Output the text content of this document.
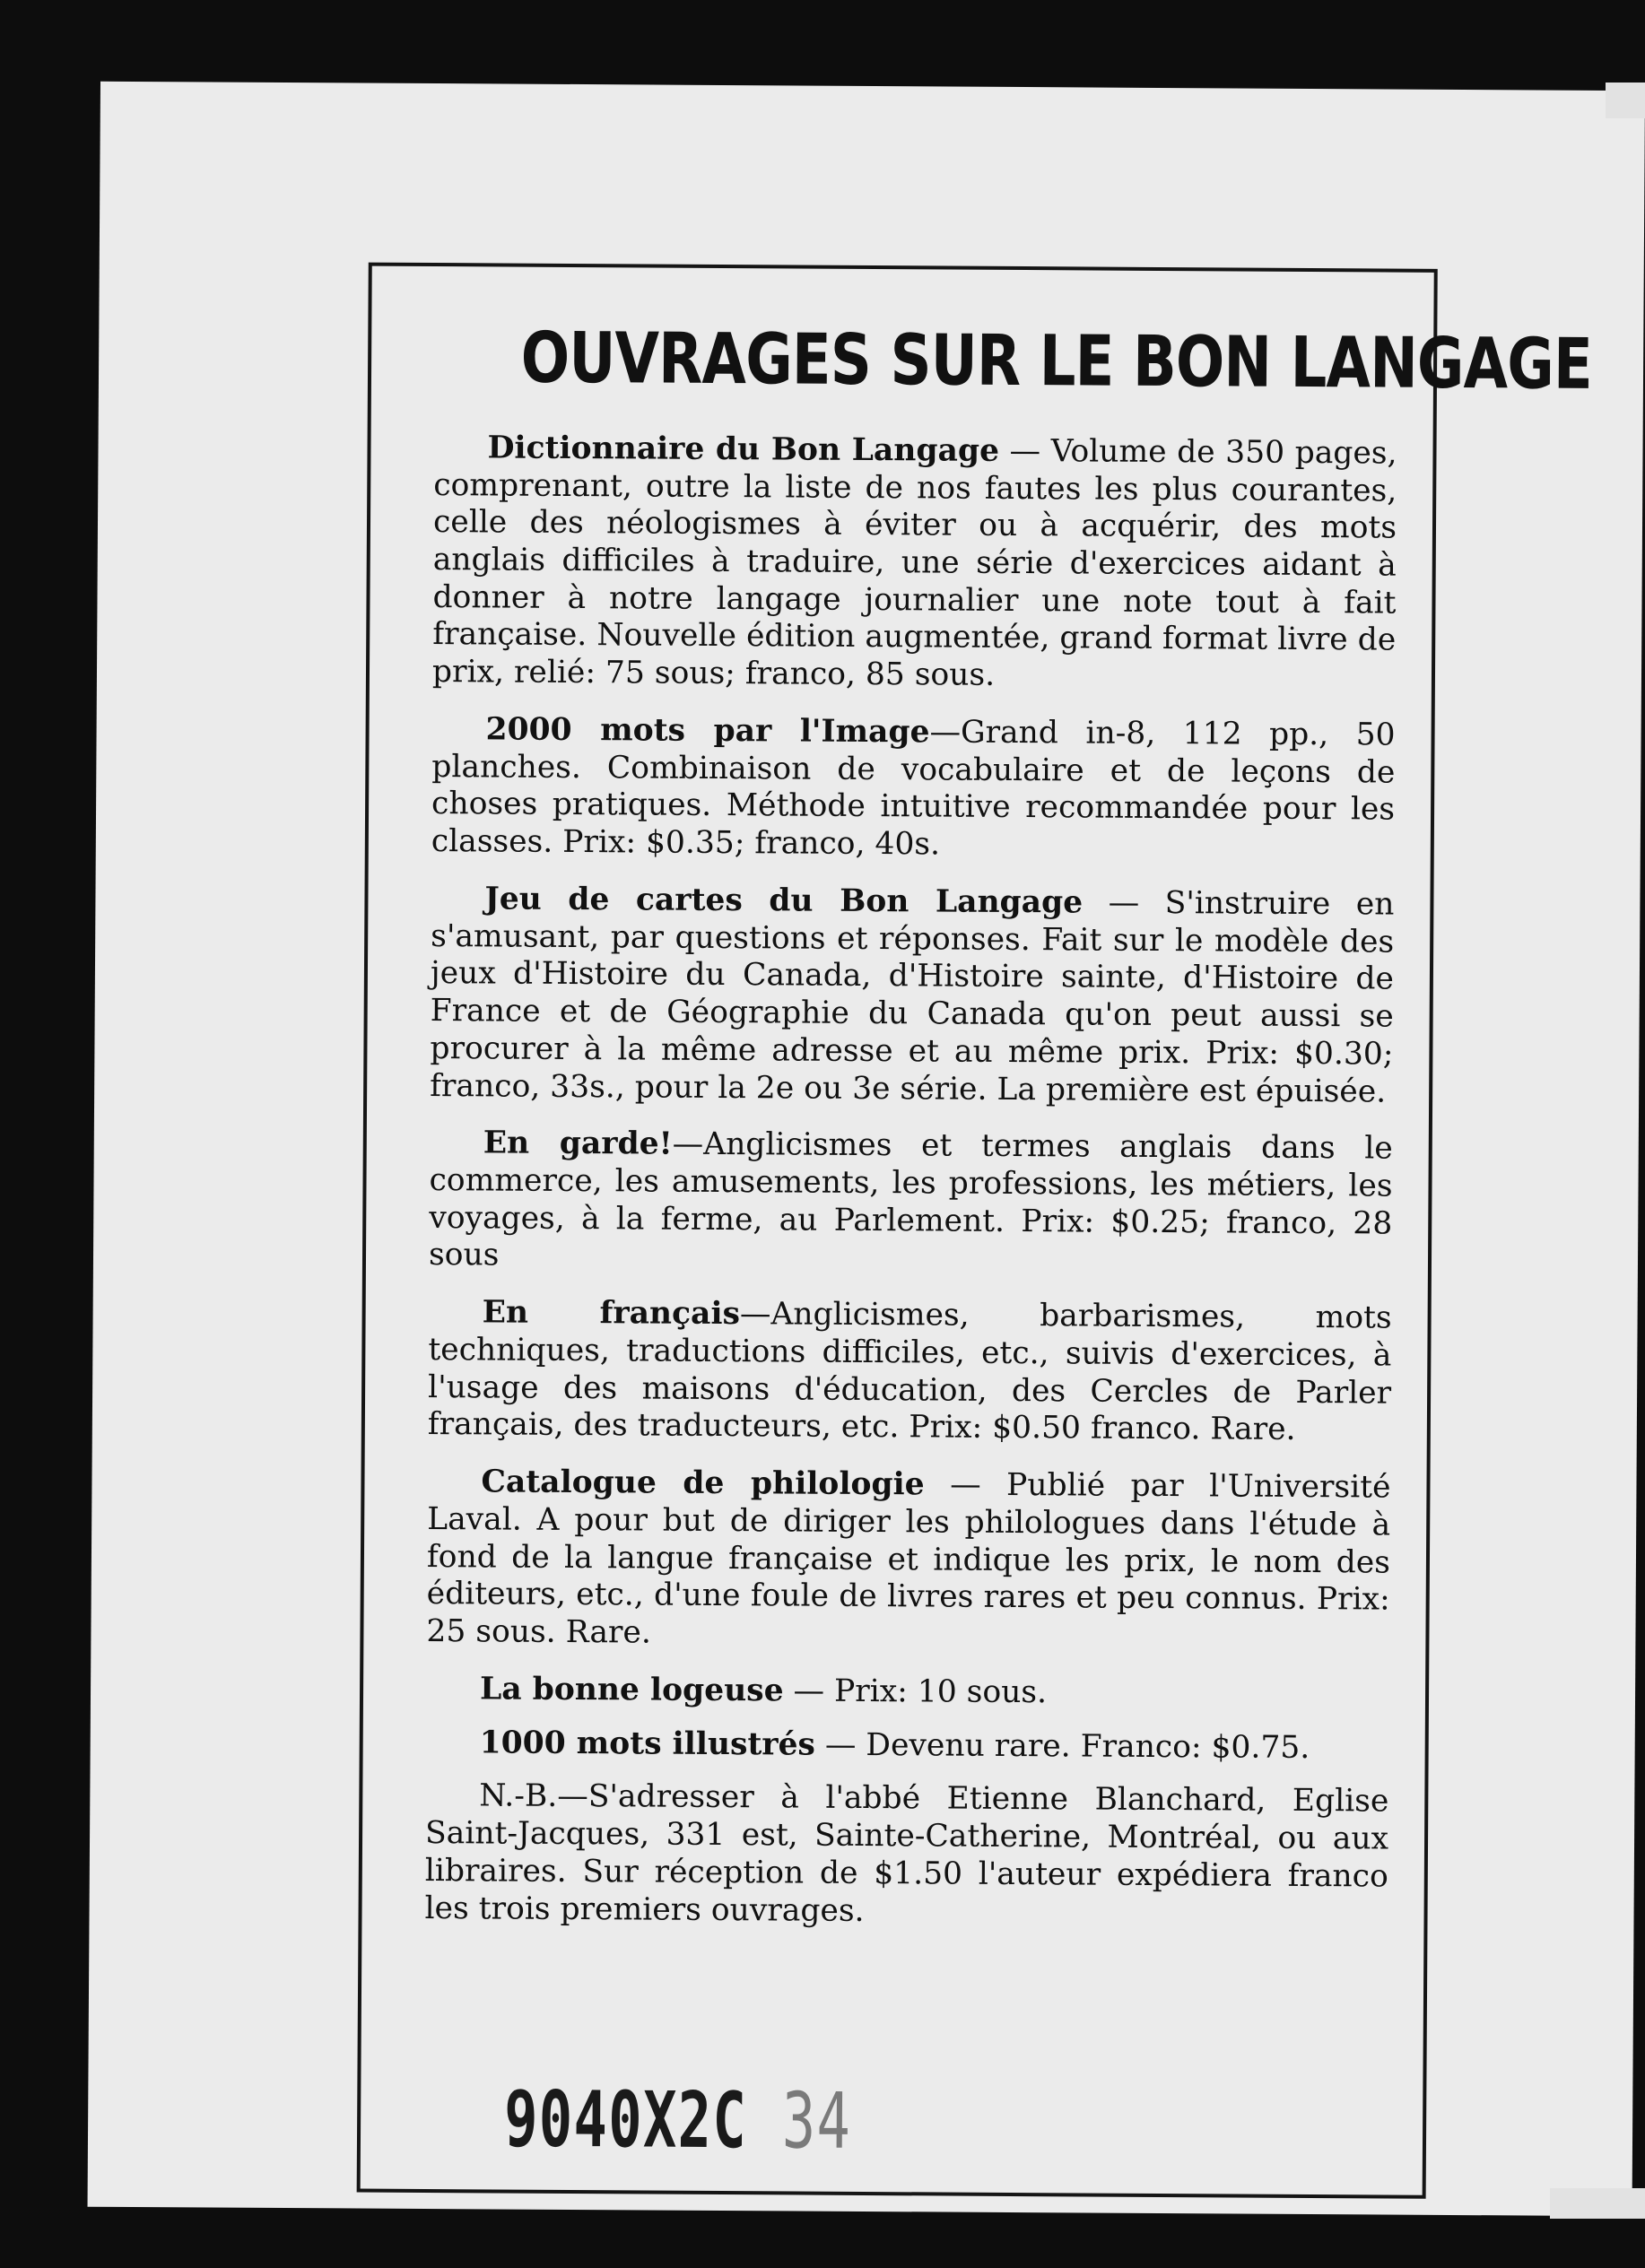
OUVRAGES SUR LE BON LANGAGE
Dictionnaire du Bon Langage — Volume de 350 pages, comprenant, outre la liste de nos fautes les plus courantes, celle des néologismes à éviter ou à acquérir, des mots anglais difficiles à traduire, une série d'exercices aidant à donner à notre langage journalier une note tout à fait française. Nouvelle édition augmentée, grand format livre de prix, relié: 75 sous; franco, 85 sous.
2000 mots par l'Image—Grand in-8, 112 pp., 50 planches. Combinaison de vocabulaire et de leçons de choses pratiques. Méthode intuitive recommandée pour les classes. Prix: $0.35; franco, 40s.
Jeu de cartes du Bon Langage — S'instruire en s'amusant, par questions et réponses. Fait sur le modèle des jeux d'Histoire du Canada, d'Histoire sainte, d'Histoire de France et de Géographie du Canada qu'on peut aussi se procurer à la même adresse et au même prix. Prix: $0.30; franco, 33s., pour la 2e ou 3e série. La première est épuisée.
En garde!—Anglicismes et termes anglais dans le commerce, les amusements, les professions, les métiers, les voyages, à la ferme, au Parlement. Prix: $0.25; franco, 28 sous
En français—Anglicismes, barbarismes, mots techniques, traductions difficiles, etc., suivis d'exercices, à l'usage des maisons d'éducation, des Cercles de Parler français, des traducteurs, etc. Prix: $0.50 franco. Rare.
Catalogue de philologie — Publié par l'Université Laval. A pour but de diriger les philologues dans l'étude à fond de la langue française et indique les prix, le nom des éditeurs, etc., d'une foule de livres rares et peu connus. Prix: 25 sous. Rare.
La bonne logeuse — Prix: 10 sous.
1000 mots illustrés — Devenu rare. Franco: $0.75.
N.-B.—S'adresser à l'abbé Etienne Blanchard, Eglise Saint-Jacques, 331 est, Sainte-Catherine, Montréal, ou aux libraires. Sur réception de $1.50 l'auteur expédiera franco les trois premiers ouvrages.
9040X2C 34
